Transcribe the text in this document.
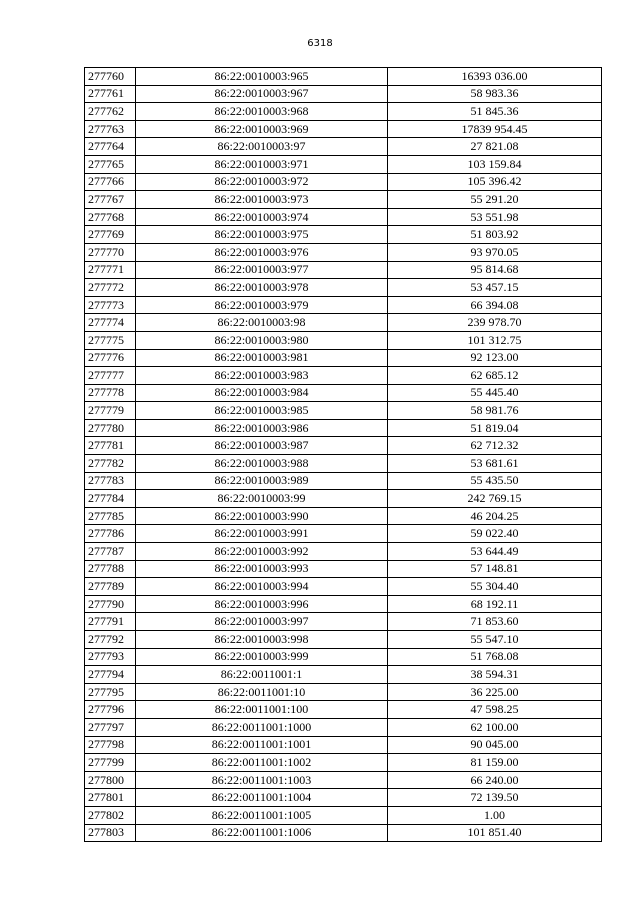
6318
277760	86:22:0010003:965	16393 036.00
277761	86:22:0010003:967	58 983.36
277762	86:22:0010003:968	51 845.36
277763	86:22:0010003:969	17839 954.45
277764	86:22:0010003:97	27 821.08
277765	86:22:0010003:971	103 159.84
277766	86:22:0010003:972	105 396.42
277767	86:22:0010003:973	55 291.20
277768	86:22:0010003:974	53 551.98
277769	86:22:0010003:975	51 803.92
277770	86:22:0010003:976	93 970.05
277771	86:22:0010003:977	95 814.68
277772	86:22:0010003:978	53 457.15
277773	86:22:0010003:979	66 394.08
277774	86:22:0010003:98	239 978.70
277775	86:22:0010003:980	101 312.75
277776	86:22:0010003:981	92 123.00
277777	86:22:0010003:983	62 685.12
277778	86:22:0010003:984	55 445.40
277779	86:22:0010003:985	58 981.76
277780	86:22:0010003:986	51 819.04
277781	86:22:0010003:987	62 712.32
277782	86:22:0010003:988	53 681.61
277783	86:22:0010003:989	55 435.50
277784	86:22:0010003:99	242 769.15
277785	86:22:0010003:990	46 204.25
277786	86:22:0010003:991	59 022.40
277787	86:22:0010003:992	53 644.49
277788	86:22:0010003:993	57 148.81
277789	86:22:0010003:994	55 304.40
277790	86:22:0010003:996	68 192.11
277791	86:22:0010003:997	71 853.60
277792	86:22:0010003:998	55 547.10
277793	86:22:0010003:999	51 768.08
277794	86:22:0011001:1	38 594.31
277795	86:22:0011001:10	36 225.00
277796	86:22:0011001:100	47 598.25
277797	86:22:0011001:1000	62 100.00
277798	86:22:0011001:1001	90 045.00
277799	86:22:0011001:1002	81 159.00
277800	86:22:0011001:1003	66 240.00
277801	86:22:0011001:1004	72 139.50
277802	86:22:0011001:1005	1.00
277803	86:22:0011001:1006	101 851.40
